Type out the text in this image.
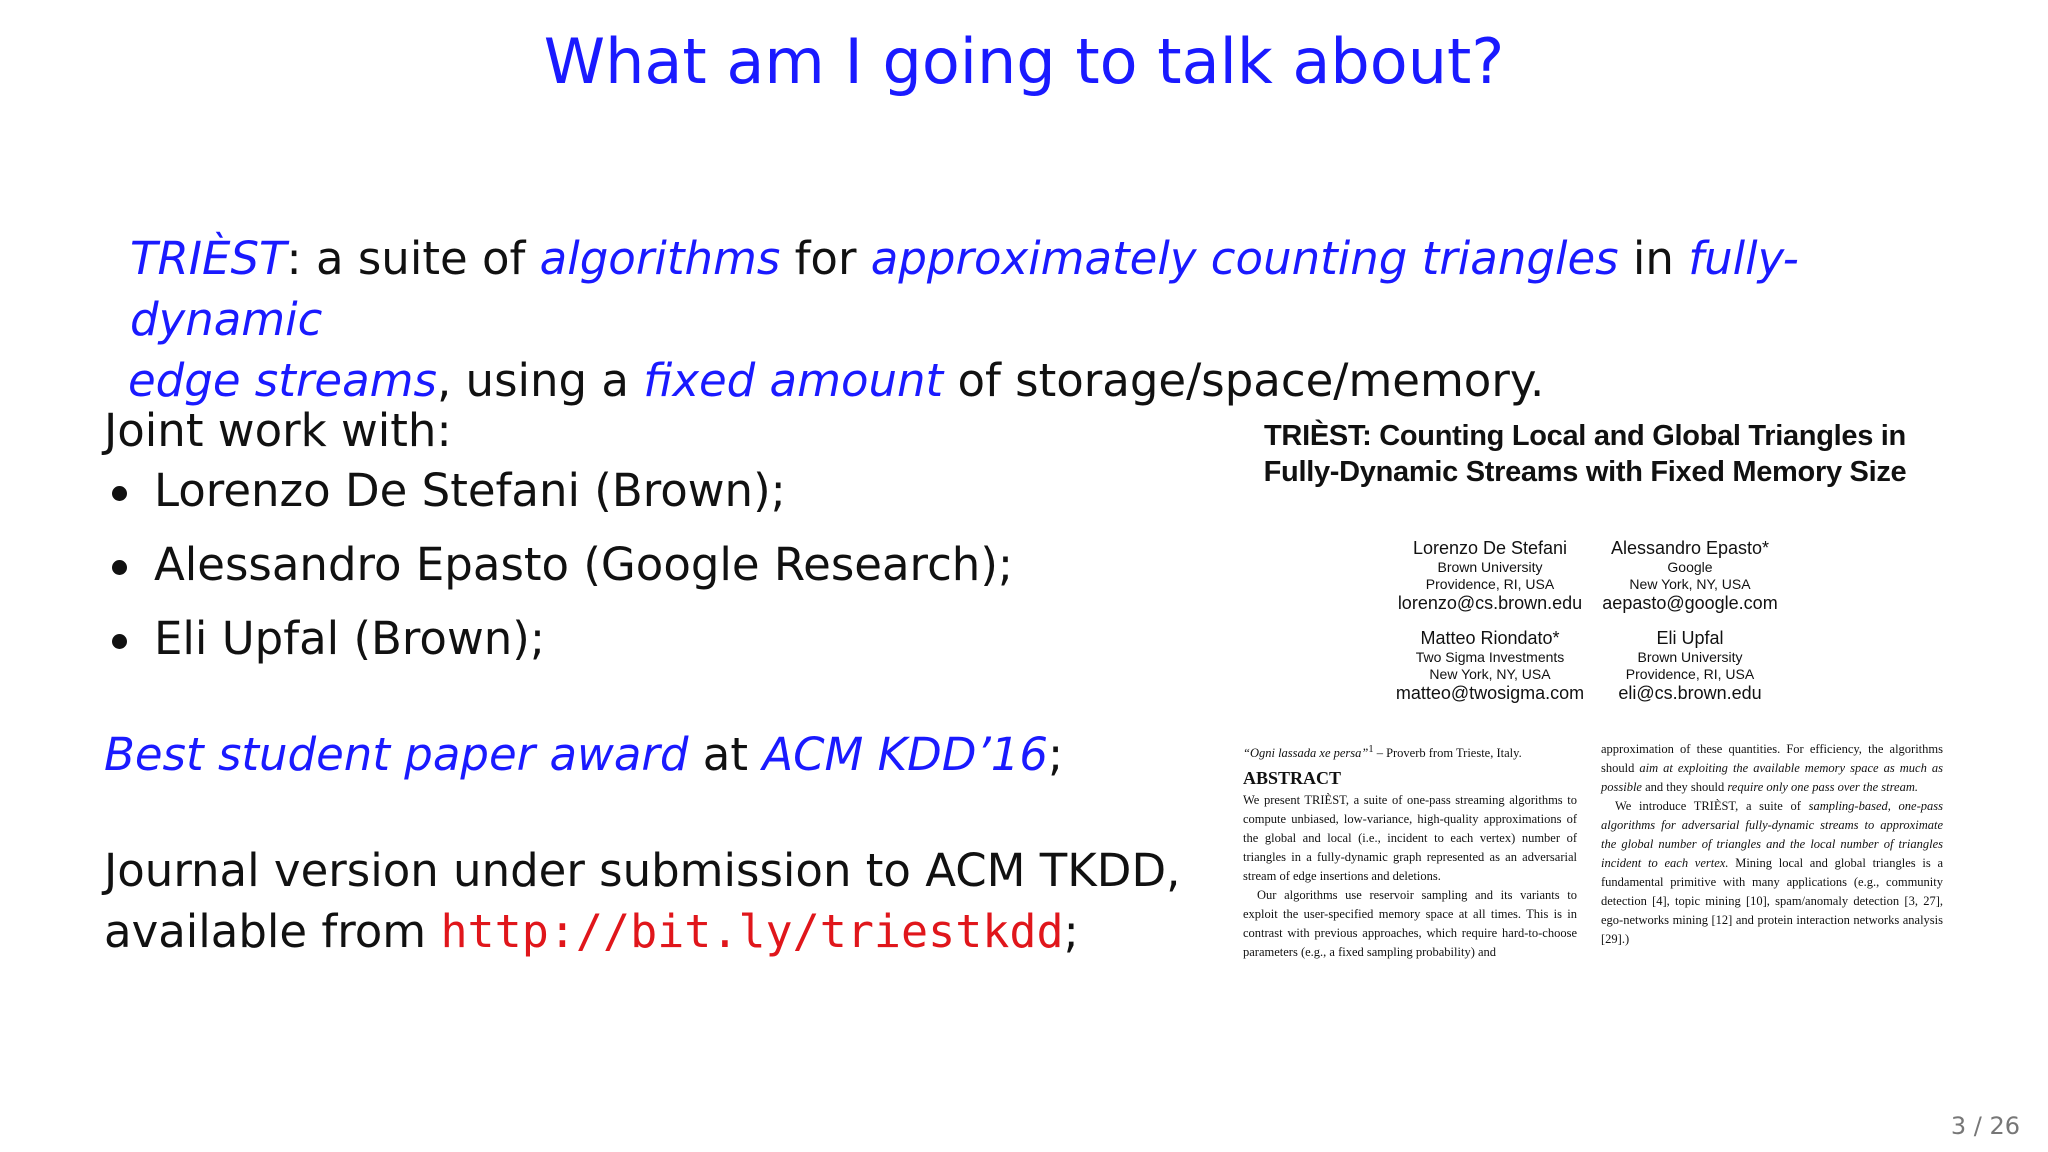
What am I going to talk about?
TRIÈST: a suite of algorithms for approximately counting triangles in fully-dynamic
edge streams, using a fixed amount of storage/space/memory.
Joint work with:
Lorenzo De Stefani (Brown);
Alessandro Epasto (Google Research);
Eli Upfal (Brown);
Best student paper award at ACM KDD’16;
Journal version under submission to ACM TKDD,
available from http://bit.ly/triestkdd;
TRIÈST: Counting Local and Global Triangles in
Fully-Dynamic Streams with Fixed Memory Size
Lorenzo De Stefani
Brown University
Providence, RI, USA
lorenzo@cs.brown.edu
Alessandro Epasto*
Google
New York, NY, USA
aepasto@google.com
Matteo Riondato*
Two Sigma Investments
New York, NY, USA
matteo@twosigma.com
Eli Upfal
Brown University
Providence, RI, USA
eli@cs.brown.edu
“Ogni lassada xe persa”$^1$ – Proverb from Trieste, Italy.
ABSTRACT
We present TRIÈST, a suite of one-pass streaming algorithms to compute unbiased, low-variance, high-quality approximations of the global and local (i.e., incident to each vertex) number of triangles in a fully-dynamic graph represented as an adversarial stream of edge insertions and deletions.
Our algorithms use reservoir sampling and its variants to exploit the user-specified memory space at all times. This is in contrast with previous approaches, which require hard-to-choose parameters (e.g., a fixed sampling probability) and
approximation of these quantities. For efficiency, the algorithms should aim at exploiting the available memory space as much as possible and they should require only one pass over the stream.
We introduce TRIÈST, a suite of sampling-based, one-pass algorithms for adversarial fully-dynamic streams to approximate the global number of triangles and the local number of triangles incident to each vertex. Mining local and global triangles is a fundamental primitive with many applications (e.g., community detection [4], topic mining [10], spam/anomaly detection [3, 27], ego-networks mining [12] and protein interaction networks analysis [29].)
3 / 26
